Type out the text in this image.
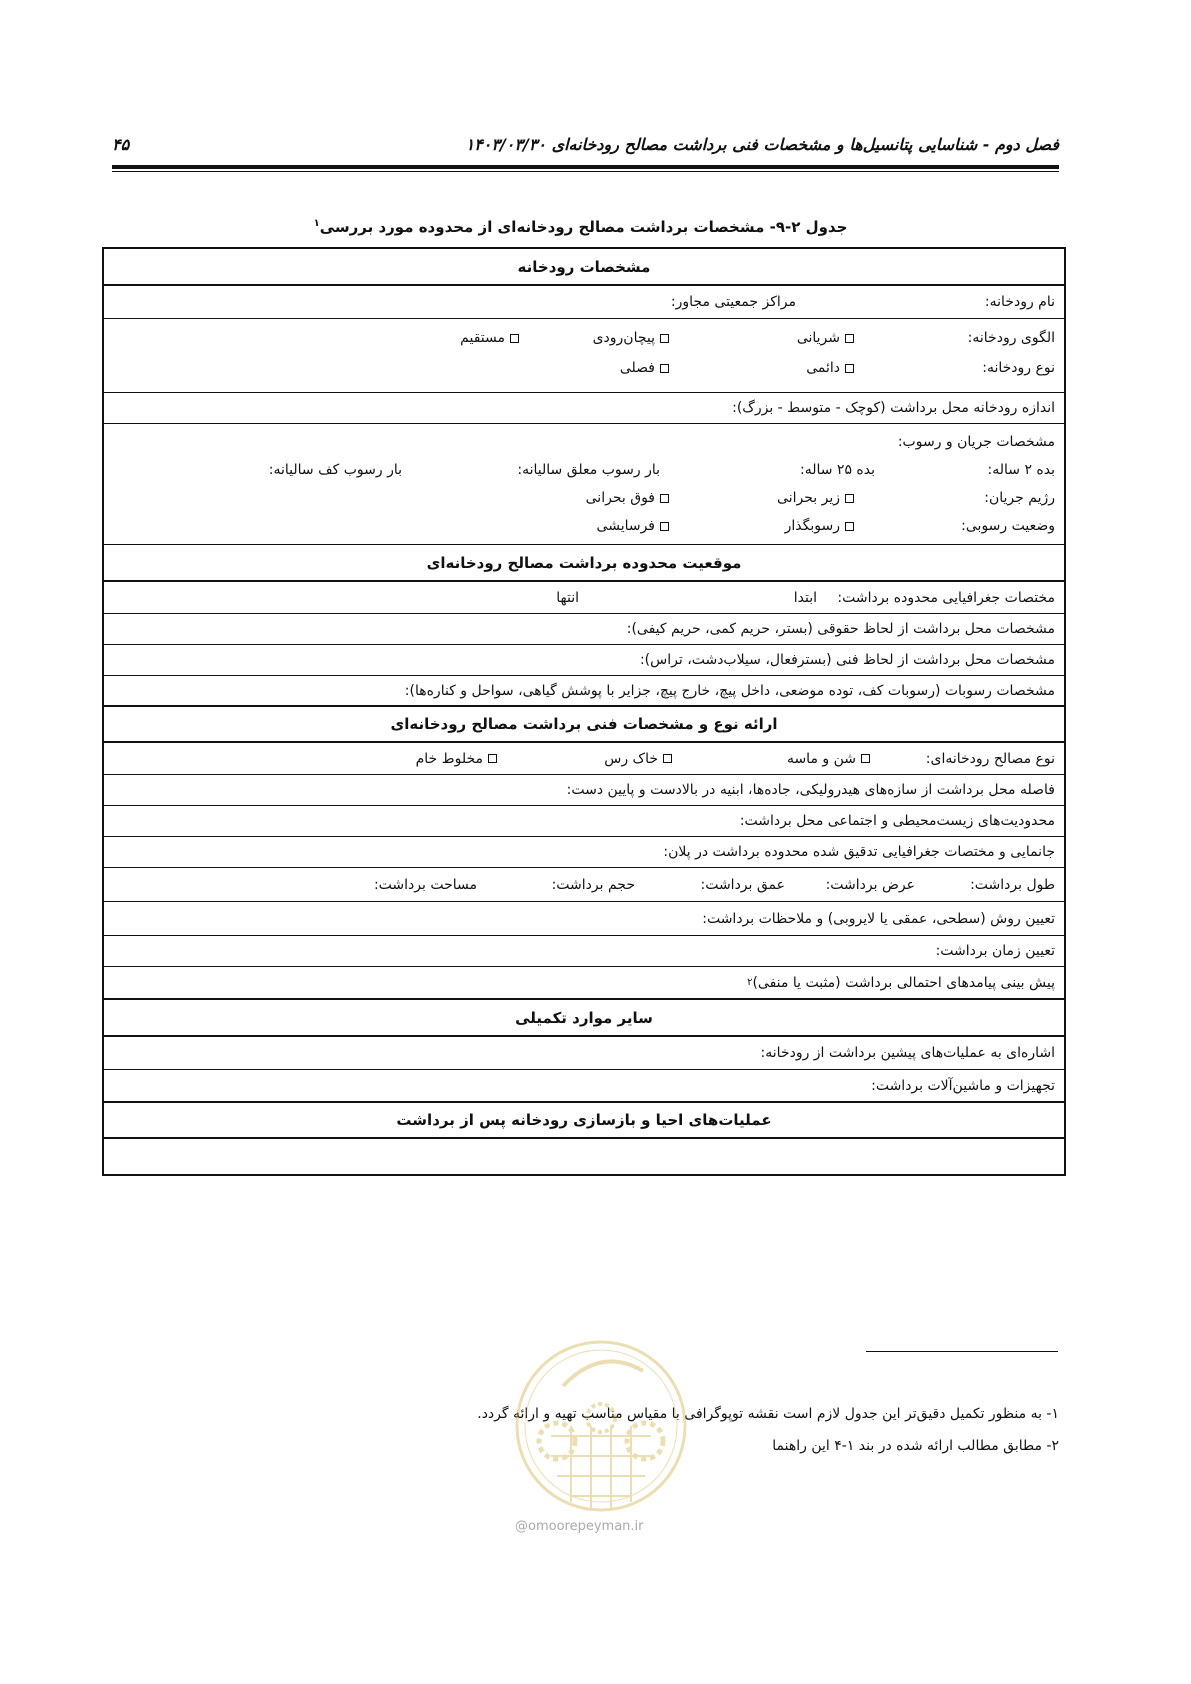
فصل دوم - شناسایی پتانسیل‌ها و مشخصات فنی برداشت مصالح رودخانه‌ای ۱۴۰۳/۰۳/۳۰
۴۵
جدول ۲-۹- مشخصات برداشت مصالح رودخانه‌ای از محدوده مورد بررسی$^۱$
مشخصات رودخانه
نام رودخانه:
مراکز جمعیتی مجاور:
الگوی رودخانه:
شریانی
پیچان‌رودی
مستقیم
نوع رودخانه:
دائمی
فصلی
اندازه رودخانه محل برداشت (کوچک - متوسط - بزرگ):
مشخصات جریان و رسوب:
بده ۲ ساله:
بده ۲۵ ساله:
بار رسوب معلق سالیانه:
بار رسوب کف سالیانه:
رژیم جریان:
زیر بحرانی
فوق بحرانی
وضعیت رسوبی:
رسوبگذار
فرسایشی
موقعیت محدوده برداشت مصالح رودخانه‌ای
مختصات جغرافیایی محدوده برداشت:
ابتدا
انتها
مشخصات محل برداشت از لحاظ حقوقی (بستر، حریم کمی، حریم کیفی):
مشخصات محل برداشت از لحاظ فنی (بسترفعال، سیلاب‌دشت، تراس):
مشخصات رسوبات (رسوبات کف، توده موضعی، داخل پیچ، خارج پیچ، جزایر با پوشش گیاهی، سواحل و کناره‌ها):
ارائه نوع و مشخصات فنی برداشت مصالح رودخانه‌ای
نوع مصالح رودخانه‌ای:
شن و ماسه
خاک رس
مخلوط خام
فاصله محل برداشت از سازه‌های هیدرولیکی، جاده‌ها، ابنیه در بالادست و پایین دست:
محدودیت‌های زیست‌محیطی و اجتماعی محل برداشت:
جانمایی و مختصات جغرافیایی تدقیق شده محدوده برداشت در پلان:
طول برداشت:
عرض برداشت:
عمق برداشت:
حجم برداشت:
مساحت برداشت:
تعیین روش (سطحی، عمقی یا لایروبی) و ملاحظات برداشت:
تعیین زمان برداشت:
پیش بینی پیامدهای احتمالی برداشت (مثبت یا منفی)
۲
سایر موارد تکمیلی
اشاره‌ای به عملیات‌های پیشین برداشت از رودخانه:
تجهیزات و ماشین‌آلات برداشت:
عملیات‌های احیا و بازسازی رودخانه پس از برداشت
۱- به منظور تکمیل دقیق‌تر این جدول لازم است نقشه توپوگرافی با مقیاس مناسب تهیه و ارائه گردد.
۲- مطابق مطالب ارائه شده در بند ۱-۴ این راهنما
@omoorepeyman.ir
